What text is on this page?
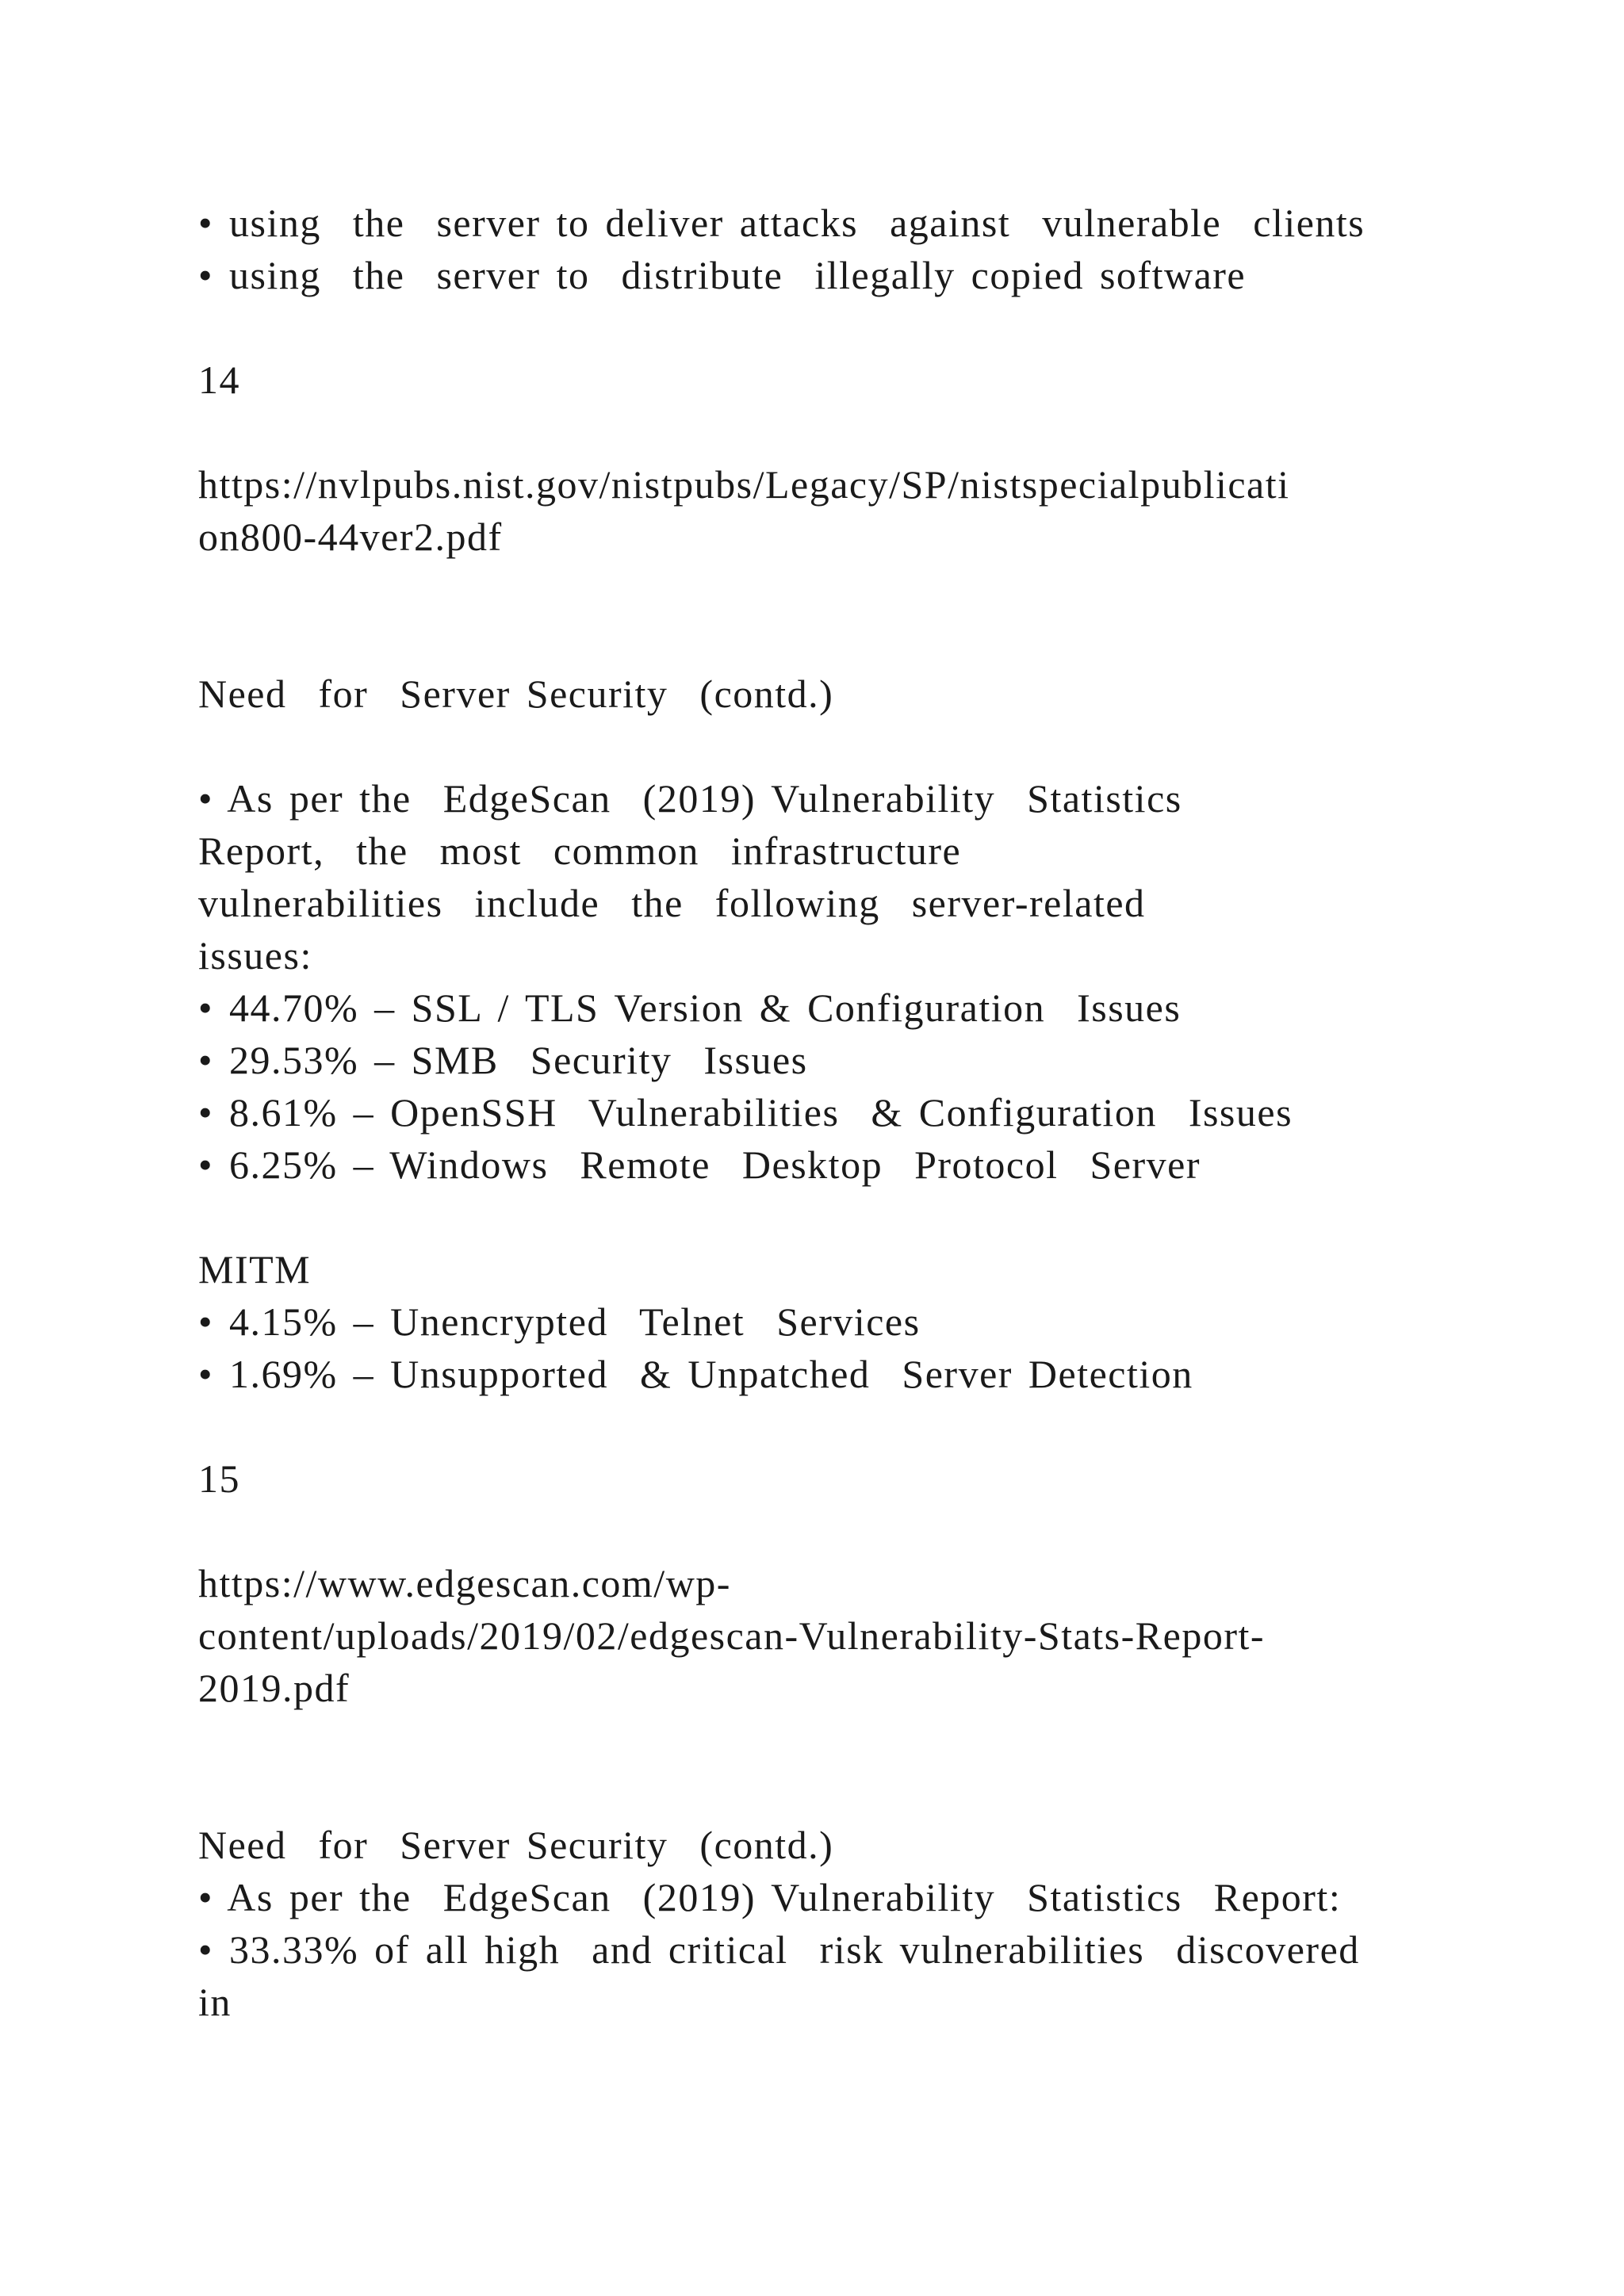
• using  the  server to deliver attacks  against  vulnerable  clients

• using  the  server to  distribute  illegally copied software

14

https://nvlpubs.nist.gov/nistpubs/Legacy/SP/nistspecialpublicati

on800-44ver2.pdf

Need  for  Server Security  (contd.)

• As per the  EdgeScan  (2019) Vulnerability  Statistics

Report,  the  most  common  infrastructure

vulnerabilities  include  the  following  server-related

issues:

• 44.70% – SSL / TLS Version & Configuration  Issues

• 29.53% – SMB  Security  Issues

• 8.61% – OpenSSH  Vulnerabilities  & Configuration  Issues

• 6.25% – Windows  Remote  Desktop  Protocol  Server

MITM

• 4.15% – Unencrypted  Telnet  Services

• 1.69% – Unsupported  & Unpatched  Server Detection

15

https://www.edgescan.com/wp-

content/uploads/2019/02/edgescan-Vulnerability-Stats-Report-

2019.pdf

Need  for  Server Security  (contd.)

• As per the  EdgeScan  (2019) Vulnerability  Statistics  Report:

• 33.33% of all high  and critical  risk vulnerabilities  discovered

in
